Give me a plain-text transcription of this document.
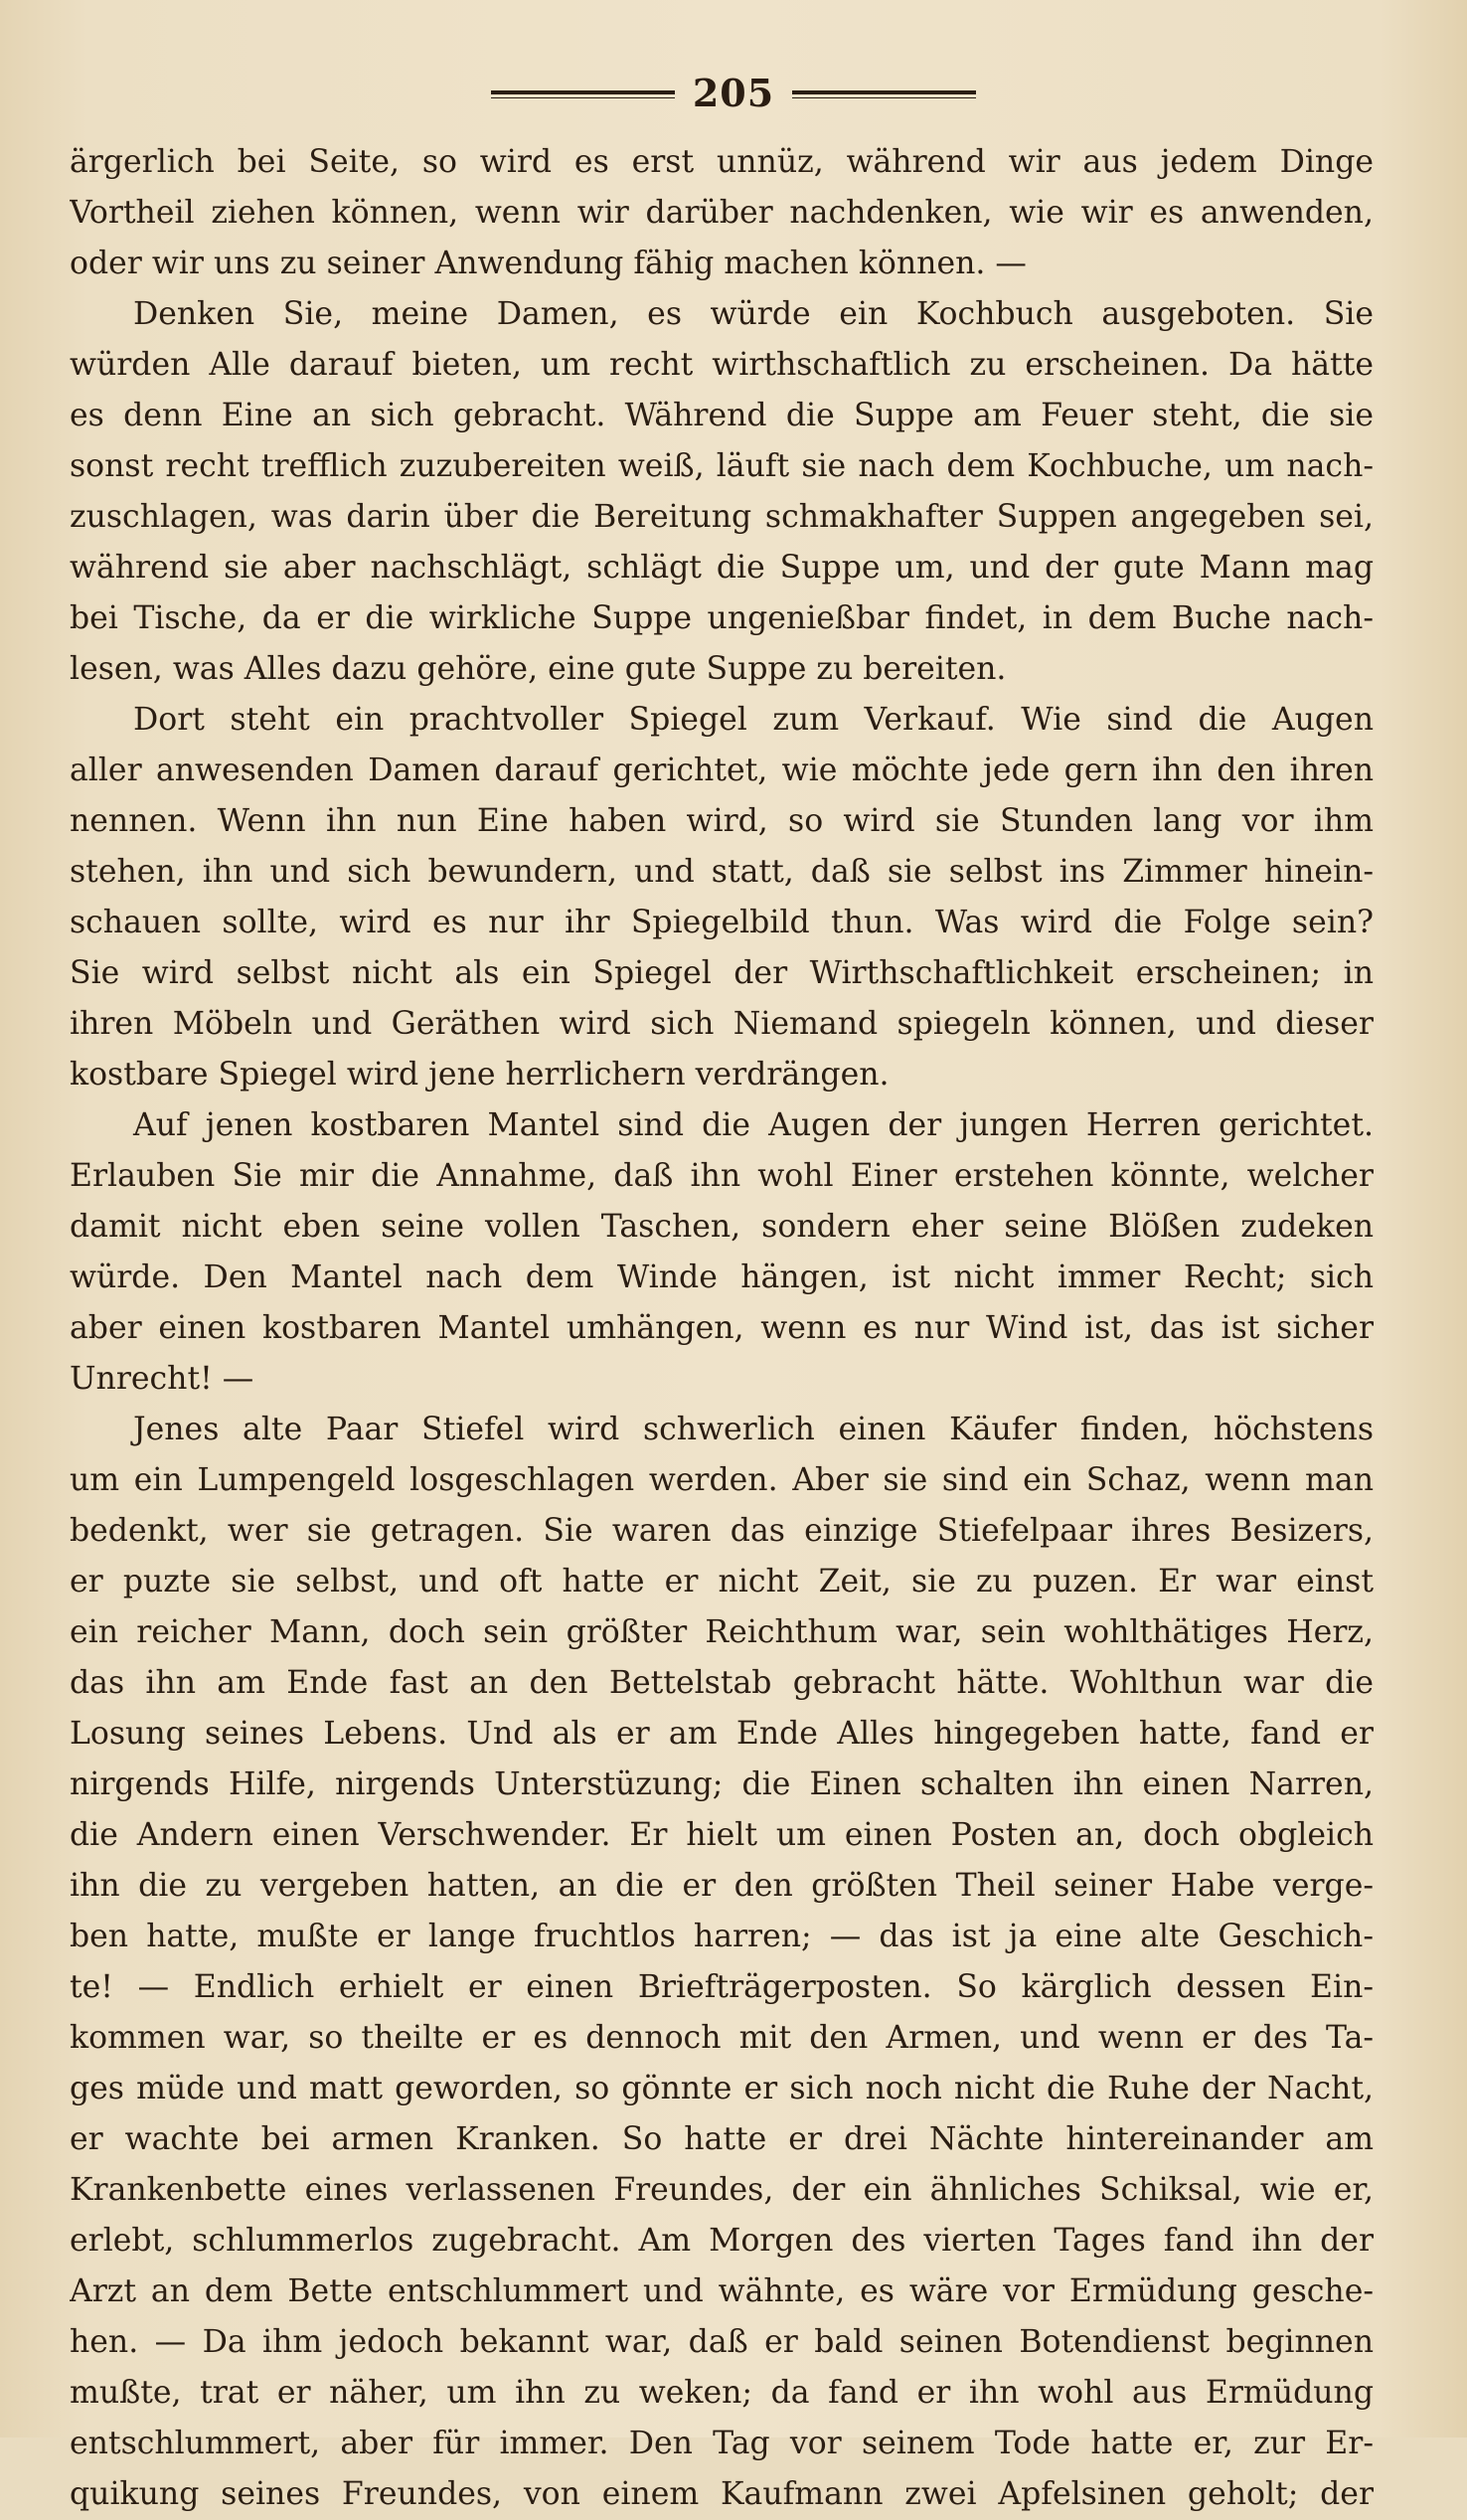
205
ärgerlich bei Seite, so wird es erst unnüz, während wir aus jedem Dinge
Vortheil ziehen können, wenn wir darüber nachdenken, wie wir es anwenden,
oder wir uns zu seiner Anwendung fähig machen können. —
Denken Sie, meine Damen, es würde ein Kochbuch ausgeboten. Sie
würden Alle darauf bieten, um recht wirthschaftlich zu erscheinen. Da hätte
es denn Eine an sich gebracht. Während die Suppe am Feuer steht, die sie
sonst recht trefflich zuzubereiten weiß, läuft sie nach dem Kochbuche, um nach-
zuschlagen, was darin über die Bereitung schmakhafter Suppen angegeben sei,
während sie aber nachschlägt, schlägt die Suppe um, und der gute Mann mag
bei Tische, da er die wirkliche Suppe ungenießbar findet, in dem Buche nach-
lesen, was Alles dazu gehöre, eine gute Suppe zu bereiten.
Dort steht ein prachtvoller Spiegel zum Verkauf. Wie sind die Augen
aller anwesenden Damen darauf gerichtet, wie möchte jede gern ihn den ihren
nennen. Wenn ihn nun Eine haben wird, so wird sie Stunden lang vor ihm
stehen, ihn und sich bewundern, und statt, daß sie selbst ins Zimmer hinein-
schauen sollte, wird es nur ihr Spiegelbild thun. Was wird die Folge sein?
Sie wird selbst nicht als ein Spiegel der Wirthschaftlichkeit erscheinen; in
ihren Möbeln und Geräthen wird sich Niemand spiegeln können, und dieser
kostbare Spiegel wird jene herrlichern verdrängen.
Auf jenen kostbaren Mantel sind die Augen der jungen Herren gerichtet.
Erlauben Sie mir die Annahme, daß ihn wohl Einer erstehen könnte, welcher
damit nicht eben seine vollen Taschen, sondern eher seine Blößen zudeken
würde. Den Mantel nach dem Winde hängen, ist nicht immer Recht; sich
aber einen kostbaren Mantel umhängen, wenn es nur Wind ist, das ist sicher
Unrecht! —
Jenes alte Paar Stiefel wird schwerlich einen Käufer finden, höchstens
um ein Lumpengeld losgeschlagen werden. Aber sie sind ein Schaz, wenn man
bedenkt, wer sie getragen. Sie waren das einzige Stiefelpaar ihres Besizers,
er puzte sie selbst, und oft hatte er nicht Zeit, sie zu puzen. Er war einst
ein reicher Mann, doch sein größter Reichthum war, sein wohlthätiges Herz,
das ihn am Ende fast an den Bettelstab gebracht hätte. Wohlthun war die
Losung seines Lebens. Und als er am Ende Alles hingegeben hatte, fand er
nirgends Hilfe, nirgends Unterstüzung; die Einen schalten ihn einen Narren,
die Andern einen Verschwender. Er hielt um einen Posten an, doch obgleich
ihn die zu vergeben hatten, an die er den größten Theil seiner Habe verge-
ben hatte, mußte er lange fruchtlos harren; — das ist ja eine alte Geschich-
te! — Endlich erhielt er einen Briefträgerposten. So kärglich dessen Ein-
kommen war, so theilte er es dennoch mit den Armen, und wenn er des Ta-
ges müde und matt geworden, so gönnte er sich noch nicht die Ruhe der Nacht,
er wachte bei armen Kranken. So hatte er drei Nächte hintereinander am
Krankenbette eines verlassenen Freundes, der ein ähnliches Schiksal, wie er,
erlebt, schlummerlos zugebracht. Am Morgen des vierten Tages fand ihn der
Arzt an dem Bette entschlummert und wähnte, es wäre vor Ermüdung gesche-
hen. — Da ihm jedoch bekannt war, daß er bald seinen Botendienst beginnen
mußte, trat er näher, um ihn zu weken; da fand er ihn wohl aus Ermüdung
entschlummert, aber für immer. Den Tag vor seinem Tode hatte er, zur Er-
quikung seines Freundes, von einem Kaufmann zwei Apfelsinen geholt; der
